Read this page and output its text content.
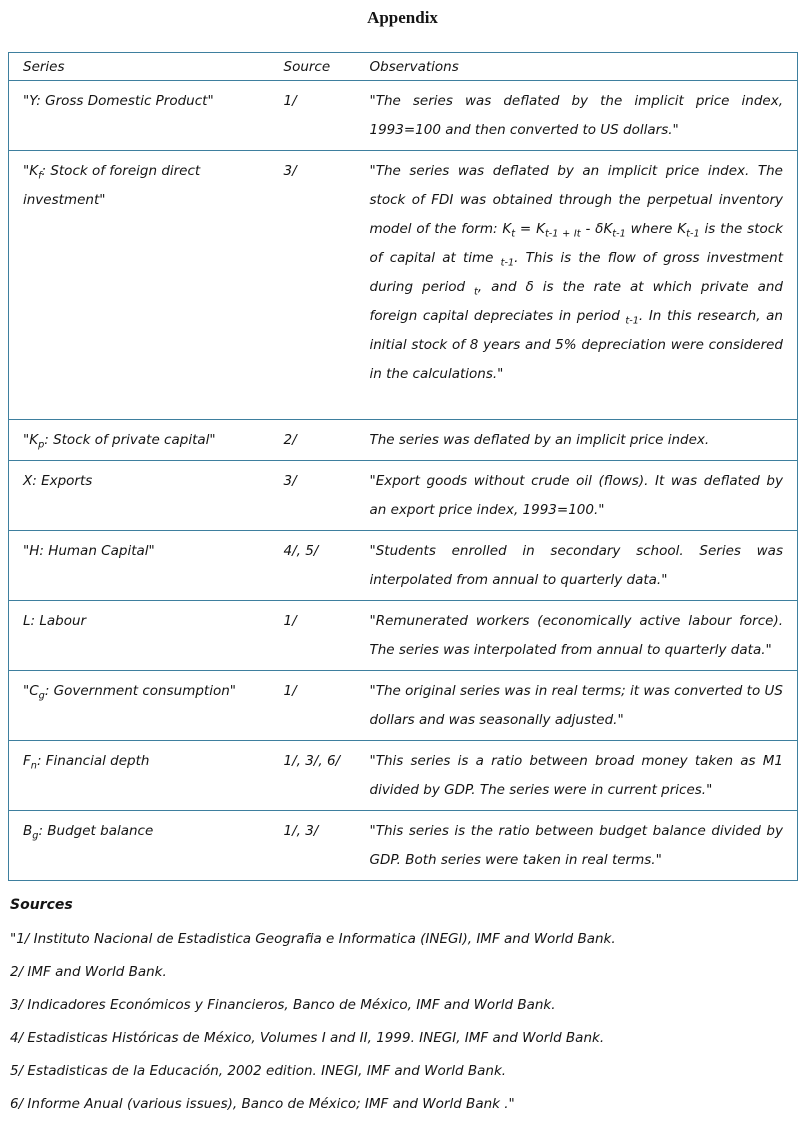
Appendix
Series	Source	Observations
"Y: Gross Domestic Product"	1/	"The series was deflated by the implicit price index, 1993=100 and then converted to US dollars."
"$K_f$: Stock of foreign direct investment"	3/	"The series was deflated by an implicit price index. The stock of FDI was obtained through the perpetual inventory model of the form: $K_t = K_{t-1 + It} - \delta K_{t-1}$ where $K_{t-1}$ is the stock of capital at time $_{t-1}$. This is the flow of gross investment during period $_t$, and δ is the rate at which private and foreign capital depreciates in period $_{t-1}$. In this research, an initial stock of 8 years and 5% depreciation were considered in the calculations."
"$K_p$: Stock of private capital"	2/	The series was deflated by an implicit price index.
X: Exports	3/	"Export goods without crude oil (flows). It was deflated by an export price index, 1993=100."
"H: Human Capital"	4/, 5/	"Students enrolled in secondary school. Series was interpolated from annual to quarterly data."
L: Labour	1/	"Remunerated workers (economically active labour force). The series was interpolated from annual to quarterly data."
"$C_g$: Government consumption"	1/	"The original series was in real terms; it was converted to US dollars and was seasonally adjusted."
$F_n$: Financial depth	1/, 3/, 6/	"This series is a ratio between broad money taken as M1 divided by GDP. The series were in current prices."
$B_g$: Budget balance	1/, 3/	"This series is the ratio between budget balance divided by GDP. Both series were taken in real terms."
Sources
"1/ Instituto Nacional de Estadistica Geografia e Informatica (INEGI), IMF and World Bank.
2/ IMF and World Bank.
3/ Indicadores Económicos y Financieros, Banco de México, IMF and World Bank.
4/ Estadisticas Históricas de México, Volumes I and II, 1999. INEGI, IMF and World Bank.
5/ Estadisticas de la Educación, 2002 edition. INEGI, IMF and World Bank.
6/ Informe Anual (various issues), Banco de México; IMF and World Bank ."
